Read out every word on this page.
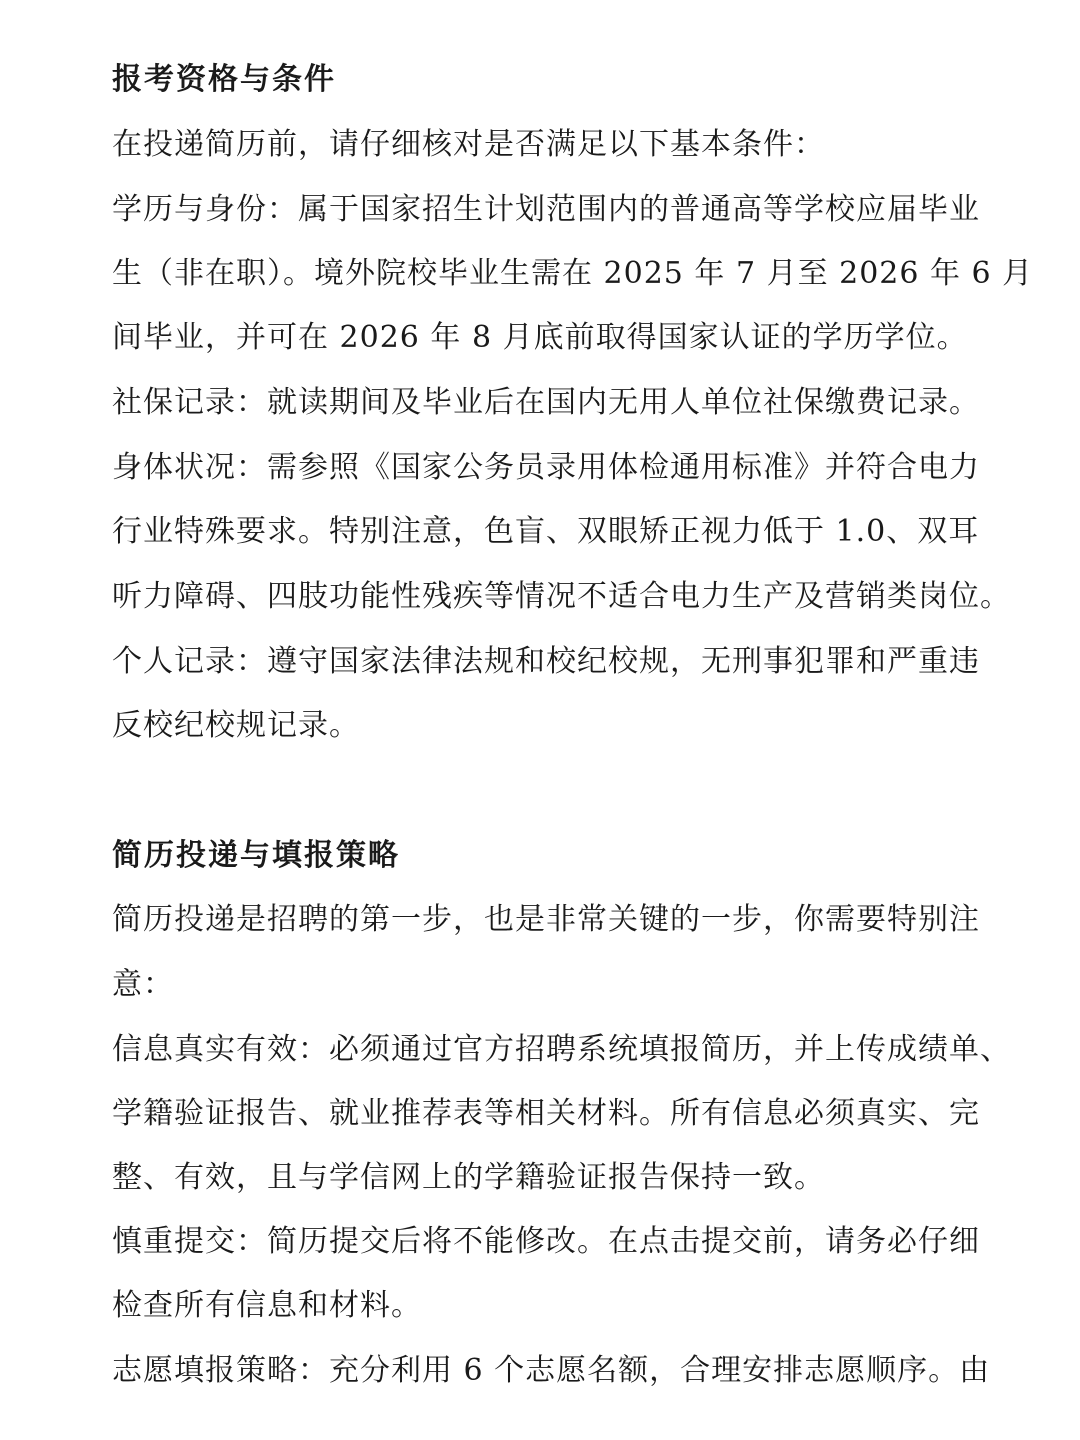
报考资格与条件
在投递简历前，请仔细核对是否满足以下基本条件：
学历与身份：属于国家招生计划范围内的普通高等学校应届毕业
生（非在职）。境外院校毕业生需在 2025 年 7 月至 2026 年 6 月
间毕业，并可在 2026 年 8 月底前取得国家认证的学历学位。
社保记录：就读期间及毕业后在国内无用人单位社保缴费记录。
身体状况：需参照《国家公务员录用体检通用标准》并符合电力
行业特殊要求。特别注意，色盲、双眼矫正视力低于 1.0、双耳
听力障碍、四肢功能性残疾等情况不适合电力生产及营销类岗位。
个人记录：遵守国家法律法规和校纪校规，无刑事犯罪和严重违
反校纪校规记录。
简历投递与填报策略
简历投递是招聘的第一步，也是非常关键的一步，你需要特别注
意：
信息真实有效：必须通过官方招聘系统填报简历，并上传成绩单、
学籍验证报告、就业推荐表等相关材料。所有信息必须真实、完
整、有效，且与学信网上的学籍验证报告保持一致。
慎重提交：简历提交后将不能修改。在点击提交前，请务必仔细
检查所有信息和材料。
志愿填报策略：充分利用 6 个志愿名额，合理安排志愿顺序。由
